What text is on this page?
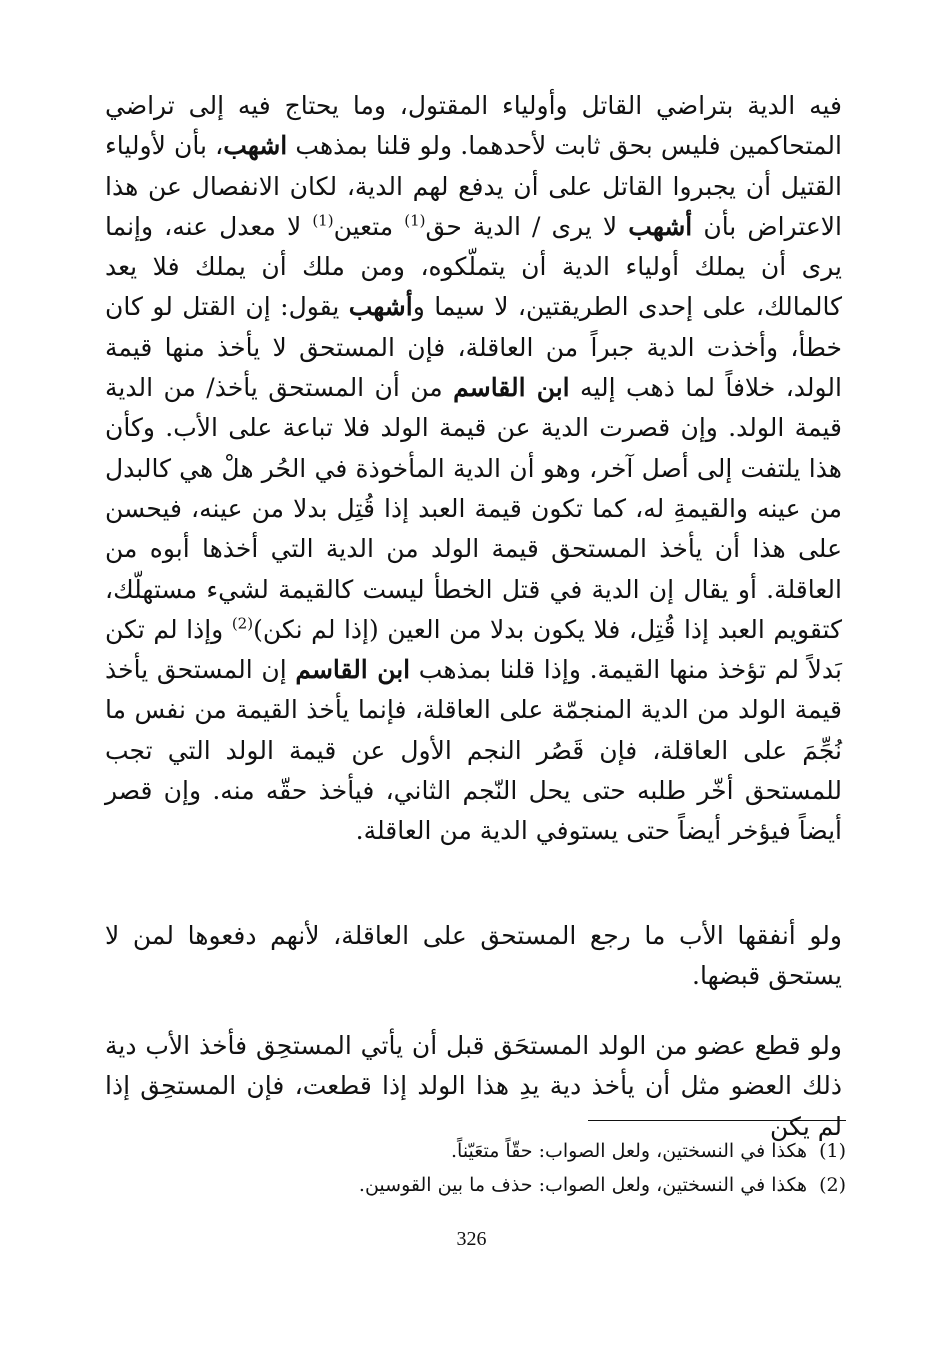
فيه الدية بتراضي القاتل وأولياء المقتول، وما يحتاج فيه إلى تراضي المتحاكمين فليس بحق ثابت لأحدهما. ولو قلنا بمذهب اشهب، بأن لأولياء القتيل أن يجبروا القاتل على أن يدفع لهم الدية، لكان الانفصال عن هذا الاعتراض بأن أشهب لا يرى / الدية حق$^{(1)}$ متعين$^{(1)}$ لا معدل عنه، وإنما يرى أن يملك أولياء الدية أن يتملّكوه، ومن ملك أن يملك فلا يعد كالمالك، على إحدى الطريقتين، لا سيما وأشهب يقول: إن القتل لو كان خطأ، وأخذت الدية جبراً من العاقلة، فإن المستحق لا يأخذ منها قيمة الولد، خلافاً لما ذهب إليه ابن القاسم من أن المستحق يأخذ/ من الدية قيمة الولد. وإن قصرت الدية عن قيمة الولد فلا تباعة على الأب. وكأن هذا يلتفت إلى أصل آخر، وهو أن الدية المأخوذة في الحُر هلْ هي كالبدل من عينه والقيمةِ له، كما تكون قيمة العبد إذا قُتِل بدلا من عينه، فيحسن على هذا أن يأخذ المستحق قيمة الولد من الدية التي أخذها أبوه من العاقلة. أو يقال إن الدية في قتل الخطأ ليست كالقيمة لشيء مستهلّك، كتقويم العبد إذا قُتِل، فلا يكون بدلا من العين (إذا لم نكن)$^{(2)}$ وإذا لم تكن بَدلاً لم تؤخذ منها القيمة. وإذا قلنا بمذهب ابن القاسم إن المستحق يأخذ قيمة الولد من الدية المنجمّة على العاقلة، فإنما يأخذ القيمة من نفس ما نُجِّمَ على العاقلة، فإن قَصُر النجم الأول عن قيمة الولد التي تجب للمستحق أخّر طلبه حتى يحل النّجم الثاني، فيأخذ حقّه منه. وإن قصر أيضاً فيؤخر أيضاً حتى يستوفي الدية من العاقلة.

ولو أنفقها الأب ما رجع المستحق على العاقلة، لأنهم دفعوها لمن لا يستحق قبضها.

ولو قطع عضو من الولد المستحَق قبل أن يأتي المستحِق فأخذ الأب دية ذلك العضو مثل أن يأخذ دية يدِ هذا الولد إذا قطعت، فإن المستحِق إذا لم يكن

(1)  هكذا في النسختين، ولعل الصواب: حقّاً متعَيّناً.

(2)  هكذا في النسختين، ولعل الصواب: حذف ما بين القوسين.

326
